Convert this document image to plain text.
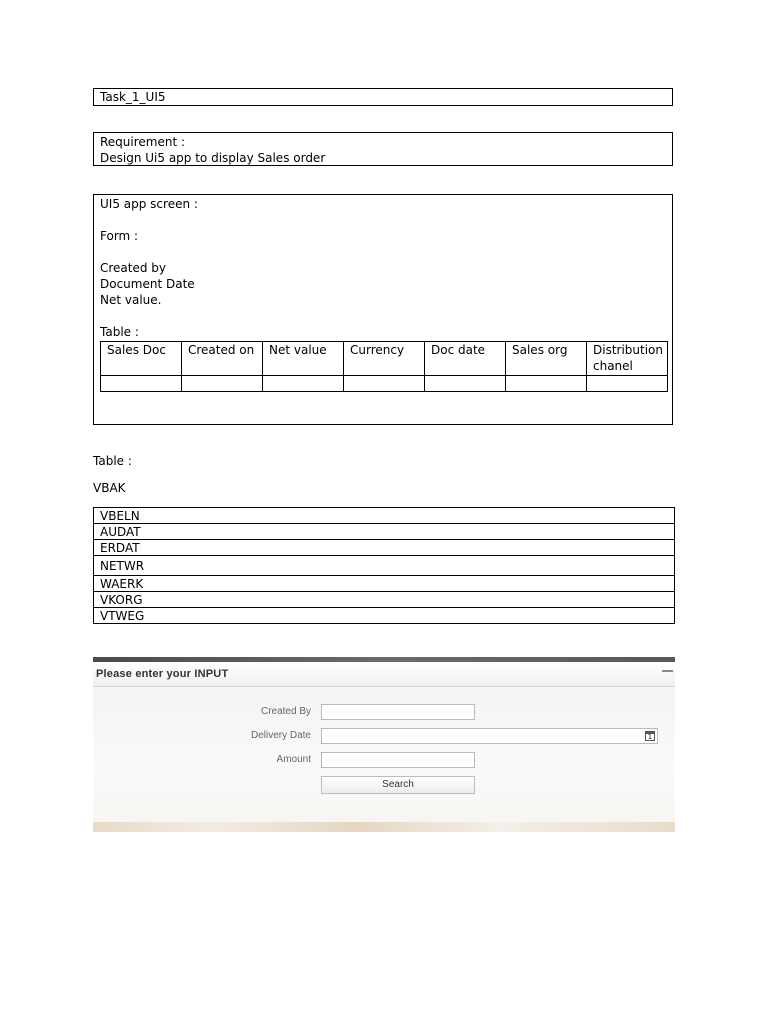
Task_1_UI5
Requirement :
Design Ui5 app to display Sales order
UI5 app screen :
Form :
Created by
Document Date
Net value.
Table :
Sales Doc	Created on	Net value	Currency	Doc date	Sales org	Distribution chanel

Table :
VBAK
VBELN
AUDAT
ERDAT
NETWR
WAERK
VKORG
VTWEG
Please enter your INPUT
Created By
Delivery Date	1
Amount
Search
